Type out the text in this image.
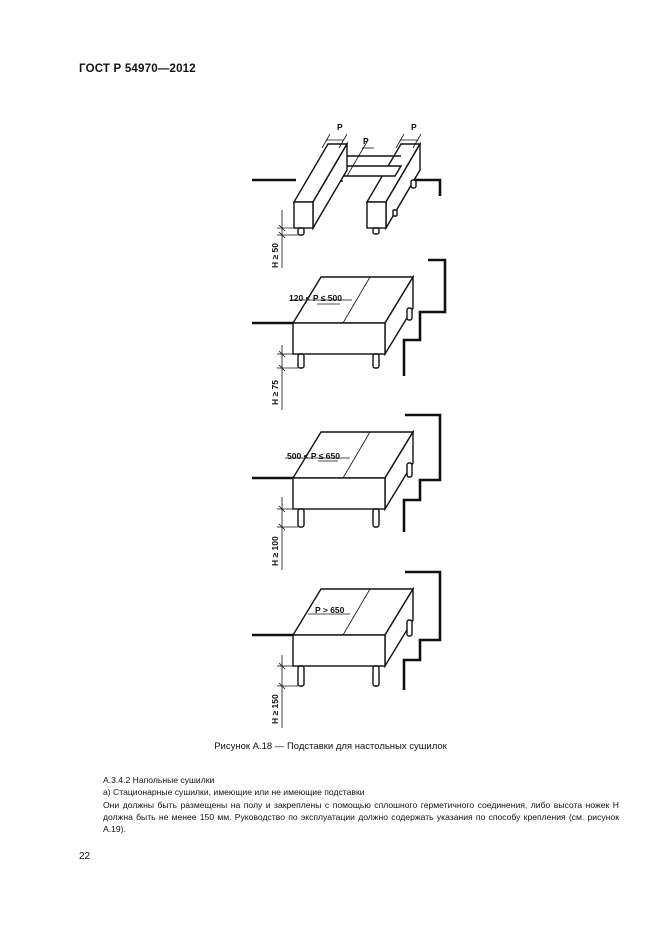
ГОСТ Р 54970—2012
P
P
P
H ≥ 50
120 < P ≤ 500
H ≥ 75
500 < P ≤ 650
H ≥ 100
P > 650
H ≥ 150
Рисунок А.18 — Подставки для настольных сушилок

А.3.4.2 Напольные сушилки

a) Стационарные сушилки, имеющие или не имеющие подставки

Они должны быть размещены на полу и закреплены с помощью сплошного герметичного соединения, либо высота ножек H должна быть не менее 150 мм. Руководство по эксплуатации должно содержать указания по способу крепления (см. рисунок А.19).

22
